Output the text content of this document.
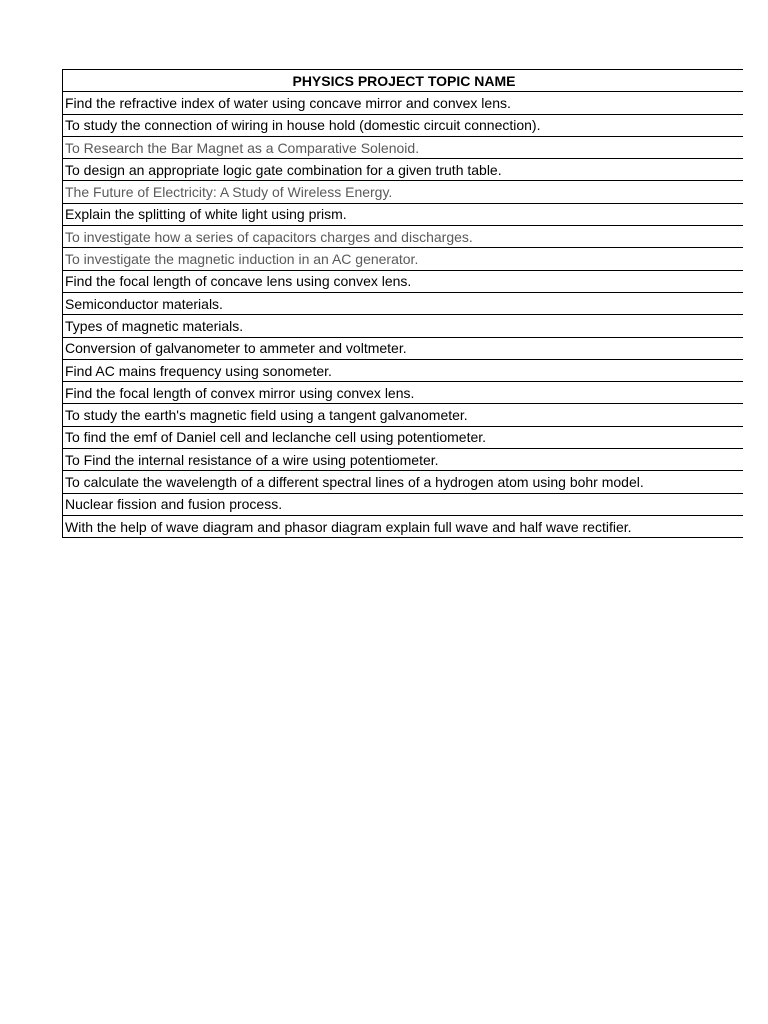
PHYSICS PROJECT TOPIC NAME
Find the refractive index of water using concave mirror and convex lens.
To study the connection of wiring in house hold (domestic circuit connection).
To Research the Bar Magnet as a Comparative Solenoid.
To design an appropriate logic gate combination for a given truth table.
The Future of Electricity: A Study of Wireless Energy.
Explain the splitting of white light using prism.
To investigate how a series of capacitors charges and discharges.
To investigate the magnetic induction in an AC generator.
Find the focal length of concave lens using convex lens.
Semiconductor materials.
Types of magnetic materials.
Conversion of galvanometer to ammeter and voltmeter.
Find AC mains frequency using sonometer.
Find the focal length of convex mirror using convex lens.
To study the earth's magnetic field using a tangent galvanometer.
To find the emf of Daniel cell and leclanche cell using potentiometer.
To Find the internal resistance of a wire using potentiometer.
To calculate the wavelength of a different spectral lines of a hydrogen atom using bohr model.
Nuclear fission and fusion process.
With the help of wave diagram and phasor diagram explain full wave and half wave rectifier.
